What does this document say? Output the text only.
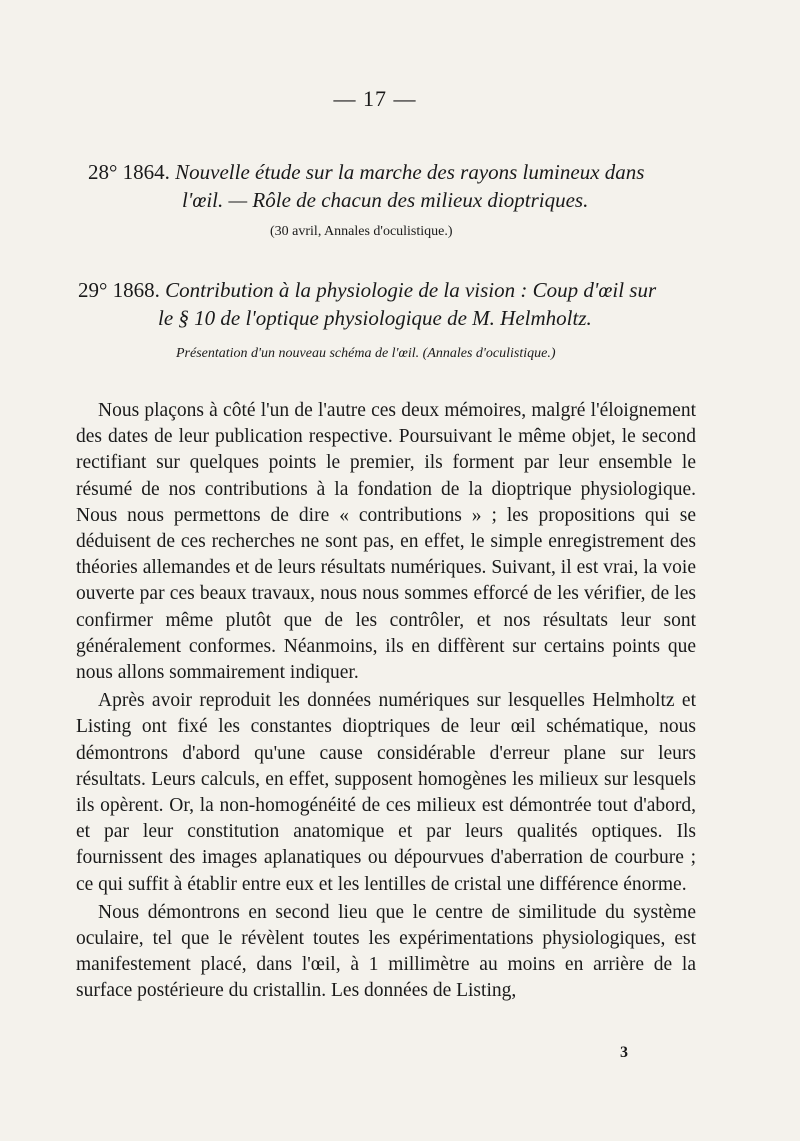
— 17 —
28° 1864. Nouvelle étude sur la marche des rayons lumineux dans
l'œil. — Rôle de chacun des milieux dioptriques.
(30 avril, Annales d'oculistique.)
29° 1868. Contribution à la physiologie de la vision : Coup d'œil sur
le § 10 de l'optique physiologique de M. Helmholtz.
Présentation d'un nouveau schéma de l'œil. (Annales d'oculistique.)

Nous plaçons à côté l'un de l'autre ces deux mémoires, malgré l'éloignement des dates de leur publication respective. Poursuivant le même objet, le second rectifiant sur quelques points le premier, ils forment par leur ensemble le résumé de nos contributions à la fondation de la dioptrique physiologique. Nous nous permettons de dire « contributions » ; les propositions qui se déduisent de ces recherches ne sont pas, en effet, le simple enregistrement des théories allemandes et de leurs résultats numériques. Suivant, il est vrai, la voie ouverte par ces beaux travaux, nous nous sommes efforcé de les vérifier, de les confirmer même plutôt que de les contrôler, et nos résultats leur sont généralement conformes. Néanmoins, ils en diffèrent sur certains points que nous allons sommairement indiquer.

Après avoir reproduit les données numériques sur lesquelles Helmholtz et Listing ont fixé les constantes dioptriques de leur œil schématique, nous démontrons d'abord qu'une cause considérable d'erreur plane sur leurs résultats. Leurs calculs, en effet, supposent homogènes les milieux sur lesquels ils opèrent. Or, la non-homogénéité de ces milieux est démontrée tout d'abord, et par leur constitution anatomique et par leurs qualités optiques. Ils fournissent des images aplanatiques ou dépourvues d'aberration de courbure ; ce qui suffit à établir entre eux et les lentilles de cristal une différence énorme.

Nous démontrons en second lieu que le centre de similitude du système oculaire, tel que le révèlent toutes les expérimentations physiologiques, est manifestement placé, dans l'œil, à 1 millimètre au moins en arrière de la surface postérieure du cristallin. Les données de Listing,

3
